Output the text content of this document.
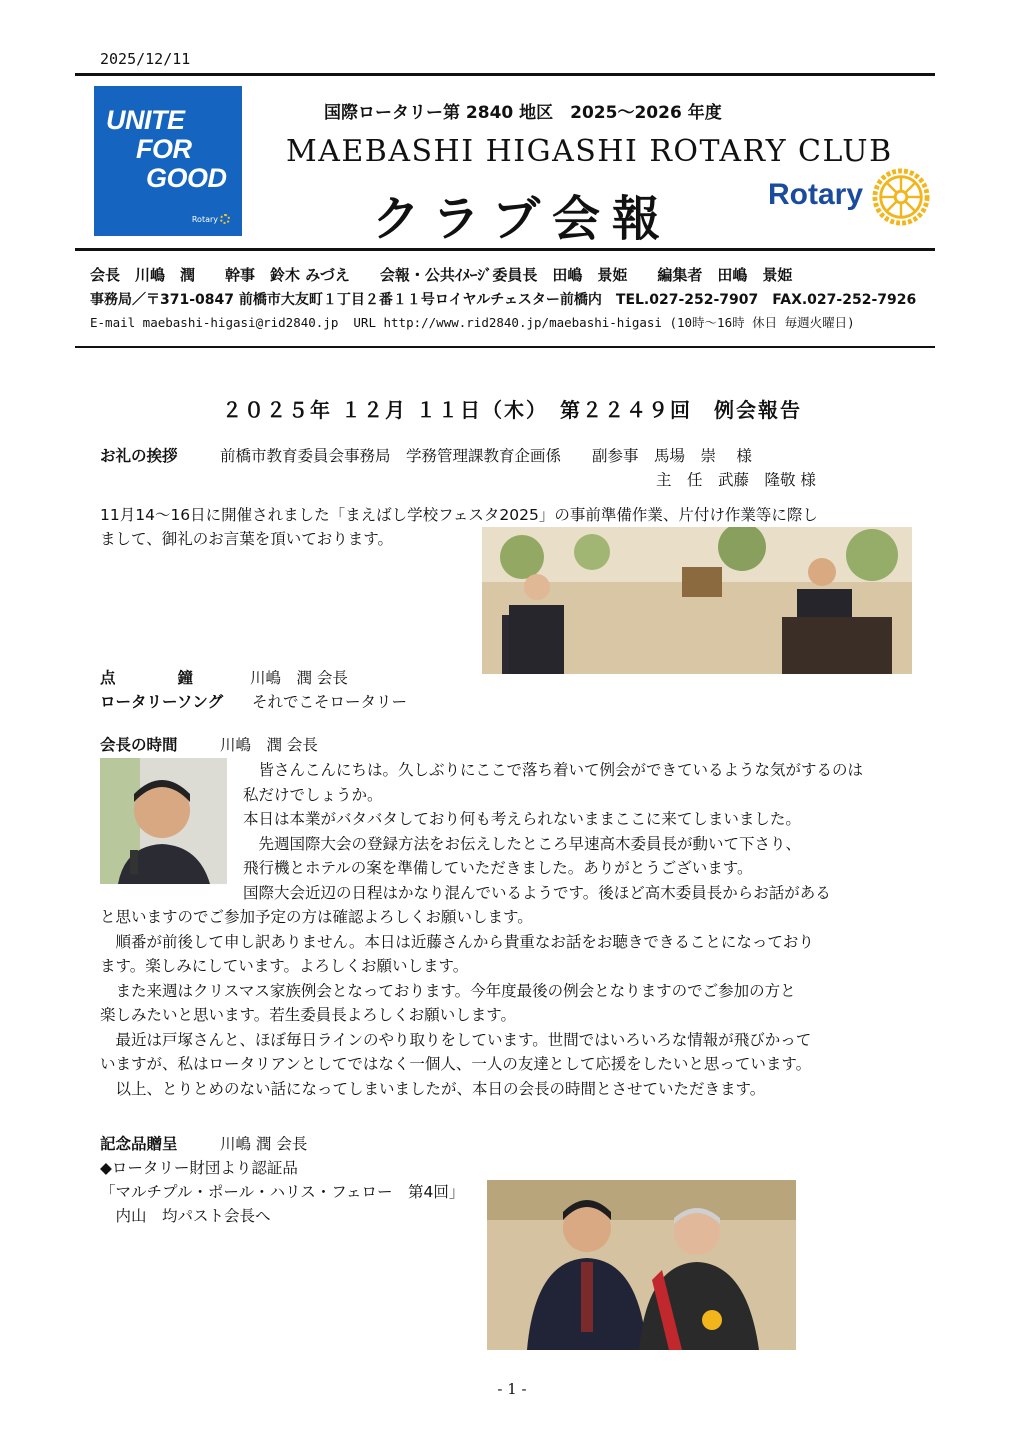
2025/12/11
UNITE
FOR
GOOD
Rotary
国際ロータリー第 2840 地区　2025～2026 年度
MAEBASHI HIGASHI ROTARY CLUB
クラブ会報	Rotary
会長　川嶋　潤　　幹事　鈴木 みづえ　　会報・公共ｲﾒｰｼﾞ委員長　田嶋　景姫　　編集者　田嶋　景姫
事務局／〒371-0847 前橋市大友町１丁目２番１１号ロイヤルチェスター前橋内　TEL.027-252-7907　FAX.027-252-7926
E-mail maebashi-higasi@rid2840.jp  URL http://www.rid2840.jp/maebashi-higasi (10時～16時 休日 毎週火曜日)
２０２５年 １２月 １１日（木）　第２２４９回　例会報告
お礼の挨拶	前橋市教育委員会事務局　学務管理課教育企画係　　副参事　馬場　崇　 様
主　任　武藤　隆敬 様
11月14～16日に開催されました「まえばし学校フェスタ2025」の事前準備作業、片付け作業等に際し
まして、御礼のお言葉を頂いております。
点　　　　鐘	川嶋　潤 会長
ロータリーソング それでこそロータリー
会長の時間	川嶋　潤 会長
　皆さんこんにちは。久しぶりにここで落ち着いて例会ができているような気がするのは
私だけでしょうか。
本日は本業がバタバタしており何も考えられないままここに来てしまいました。
　先週国際大会の登録方法をお伝えしたところ早速高木委員長が動いて下さり、
飛行機とホテルの案を準備していただきました。ありがとうございます。
国際大会近辺の日程はかなり混んでいるようです。後ほど高木委員長からお話がある
と思いますのでご参加予定の方は確認よろしくお願いします。
　順番が前後して申し訳ありません。本日は近藤さんから貴重なお話をお聴きできることになっており
ます。楽しみにしています。よろしくお願いします。
　また来週はクリスマス家族例会となっております。今年度最後の例会となりますのでご参加の方と
楽しみたいと思います。若生委員長よろしくお願いします。
　最近は戸塚さんと、ほぼ毎日ラインのやり取りをしています。世間ではいろいろな情報が飛びかって
いますが、私はロータリアンとしてではなく一個人、一人の友達として応援をしたいと思っています。
　以上、とりとめのない話になってしまいましたが、本日の会長の時間とさせていただきます。
記念品贈呈	川嶋 潤 会長
◆ロータリー財団より認証品
「マルチプル・ポール・ハリス・フェロー　第4回」
　内山　均パスト会長へ
- 1 -
